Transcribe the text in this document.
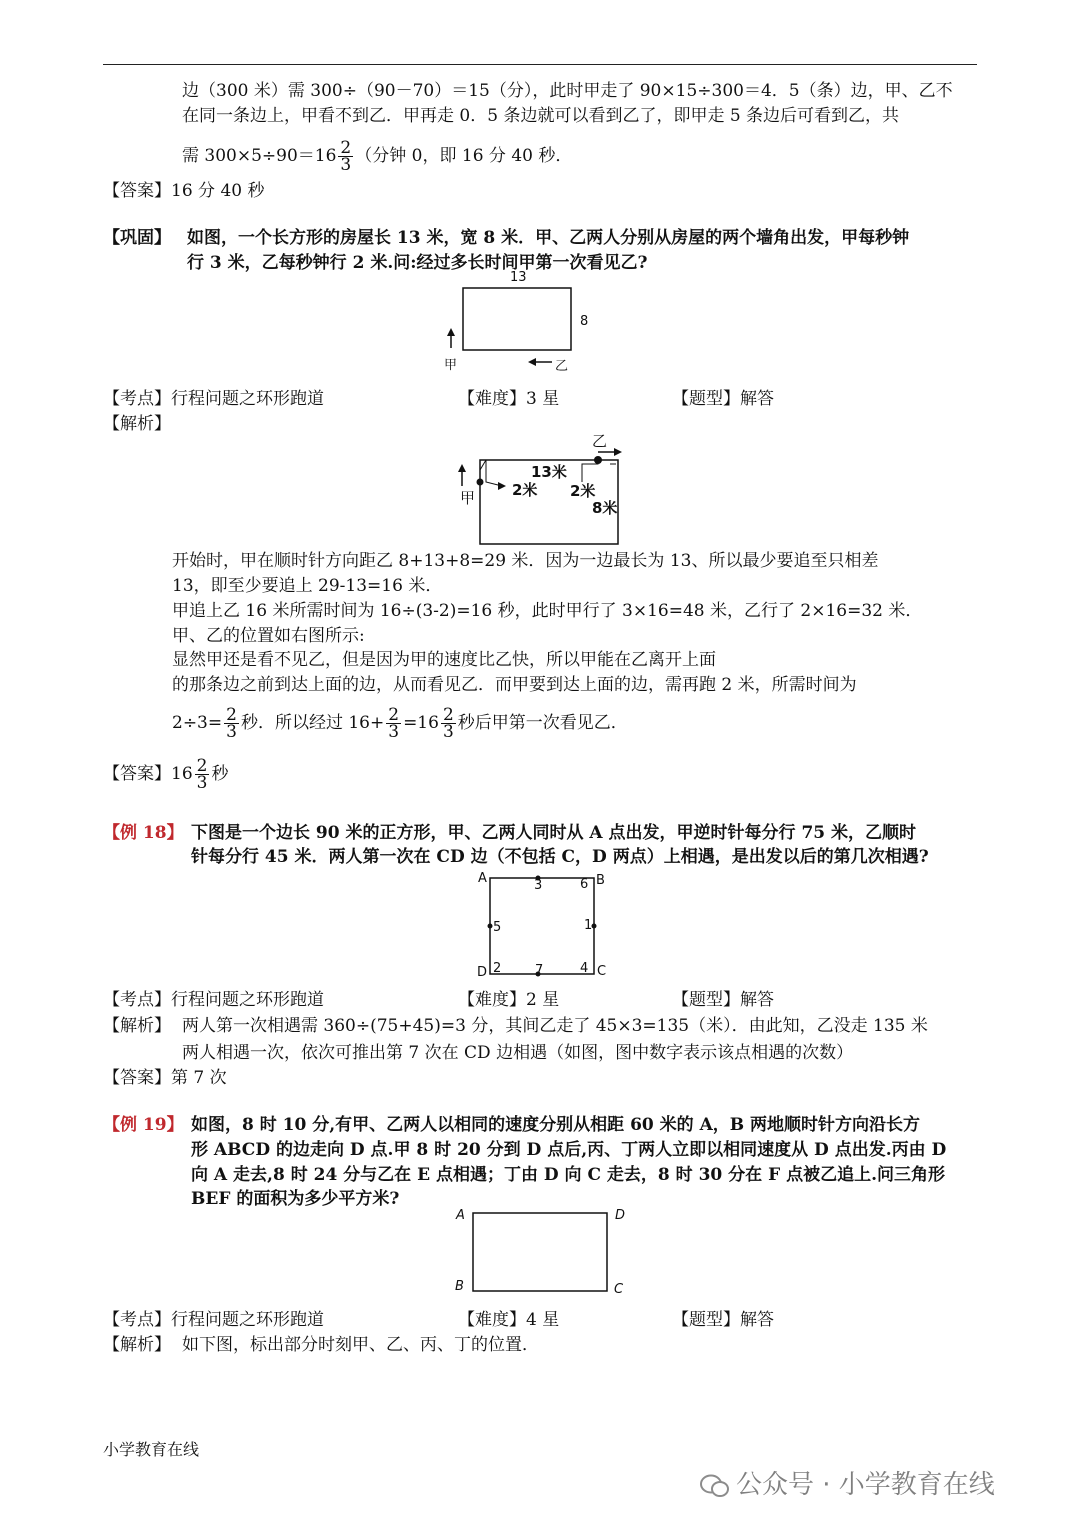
边（300 米）需 300÷（90－70）＝15（分），此时甲走了 90×15÷300＝4．5（条）边，甲、乙不
在同一条边上，甲看不到乙．甲再走 0．5 条边就可以看到乙了，即甲走 5 条边后可看到乙，共
需 $300\times 5\div 90=16 \frac{2}{3}$ （分钟 0，即 16 分 40 秒．
【答案】16 分 40 秒
【巩固】 如图，一个长方形的房屋长 13 米，宽 8 米．甲、乙两人分别从房屋的两个墙角出发，甲每秒钟
行 3 米，乙每秒钟行 2 米.问:经过多长时间甲第一次看见乙?
13
8
甲	乙
【考点】行程问题之环形跑道	【难度】3 星	【题型】解答
【解析】
乙
甲
13米
2米 2米
8米
开始时，甲在顺时针方向距乙 8+13+8=29 米．因为一边最长为 13、所以最少要追至只相差
13，即至少要追上 29-13=16 米．
甲追上乙 16 米所需时间为 16÷(3-2)=16 秒，此时甲行了 3×16=48 米，乙行了 2×16=32 米．
甲、乙的位置如右图所示:
显然甲还是看不见乙，但是因为甲的速度比乙快，所以甲能在乙离开上面
的那条边之前到达上面的边，从而看见乙．而甲要到达上面的边，需再跑 2 米，所需时间为
$2\div 3= \frac{2}{3}$ 秒．所以经过 $16+ \frac{2}{3} =16 \frac{2}{3}$ 秒后甲第一次看见乙．
【答案】$16 \frac{2}{3}$ 秒
【例 18】 下图是一个边长 90 米的正方形，甲、乙两人同时从 A 点出发，甲逆时针每分行 75 米，乙顺时
针每分行 45 米．两人第一次在 CD 边（不包括 C，D 两点）上相遇，是出发以后的第几次相遇?
A	B
C
D
3	6
1
5
2	7	4
【考点】行程问题之环形跑道	【难度】2 星	【题型】解答
【解析】 两人第一次相遇需 360÷(75+45)=3 分，其间乙走了 45×3=135（米）．由此知，乙没走 135 米
两人相遇一次，依次可推出第 7 次在 CD 边相遇（如图，图中数字表示该点相遇的次数）
【答案】第 7 次
【例 19】 如图，8 时 10 分,有甲、乙两人以相同的速度分别从相距 60 米的 A，B 两地顺时针方向沿长方
形 ABCD 的边走向 D 点.甲 8 时 20 分到 D 点后,丙、丁两人立即以相同速度从 D 点出发.丙由 D
向 A 走去,8 时 24 分与乙在 E 点相遇；丁由 D 向 C 走去，8 时 30 分在 F 点被乙追上.问三角形
BEF 的面积为多少平方米?
A	D
B	C
【考点】行程问题之环形跑道	【难度】4 星	【题型】解答
【解析】 如下图，标出部分时刻甲、乙、丙、丁的位置．
小学教育在线
公众号 · 小学教育在线
